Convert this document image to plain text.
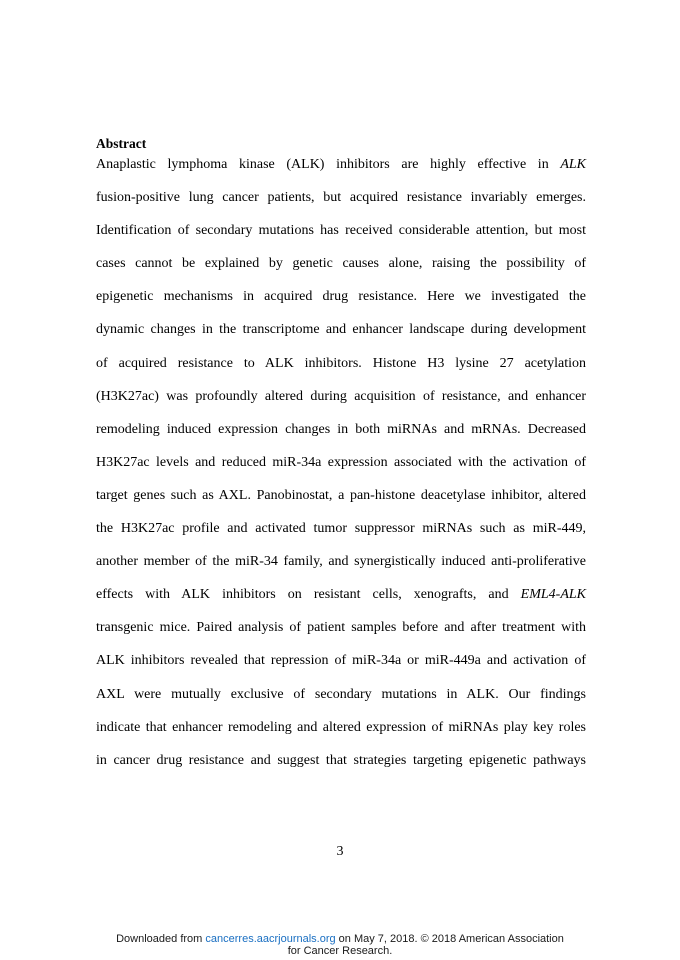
Abstract
Anaplastic lymphoma kinase (ALK) inhibitors are highly effective in ALK
fusion-positive lung cancer patients, but acquired resistance invariably emerges.
Identification of secondary mutations has received considerable attention, but most
cases cannot be explained by genetic causes alone, raising the possibility of
epigenetic mechanisms in acquired drug resistance. Here we investigated the
dynamic changes in the transcriptome and enhancer landscape during development
of acquired resistance to ALK inhibitors. Histone H3 lysine 27 acetylation
(H3K27ac) was profoundly altered during acquisition of resistance, and enhancer
remodeling induced expression changes in both miRNAs and mRNAs. Decreased
H3K27ac levels and reduced miR-34a expression associated with the activation of
target genes such as AXL. Panobinostat, a pan-histone deacetylase inhibitor, altered
the H3K27ac profile and activated tumor suppressor miRNAs such as miR-449,
another member of the miR-34 family, and synergistically induced anti-proliferative
effects with ALK inhibitors on resistant cells, xenografts, and EML4-ALK
transgenic mice. Paired analysis of patient samples before and after treatment with
ALK inhibitors revealed that repression of miR-34a or miR-449a and activation of
AXL were mutually exclusive of secondary mutations in ALK. Our findings
indicate that enhancer remodeling and altered expression of miRNAs play key roles
in cancer drug resistance and suggest that strategies targeting epigenetic pathways
3
Downloaded from cancerres.aacrjournals.org on May 7, 2018. © 2018 American Association
for Cancer Research.
